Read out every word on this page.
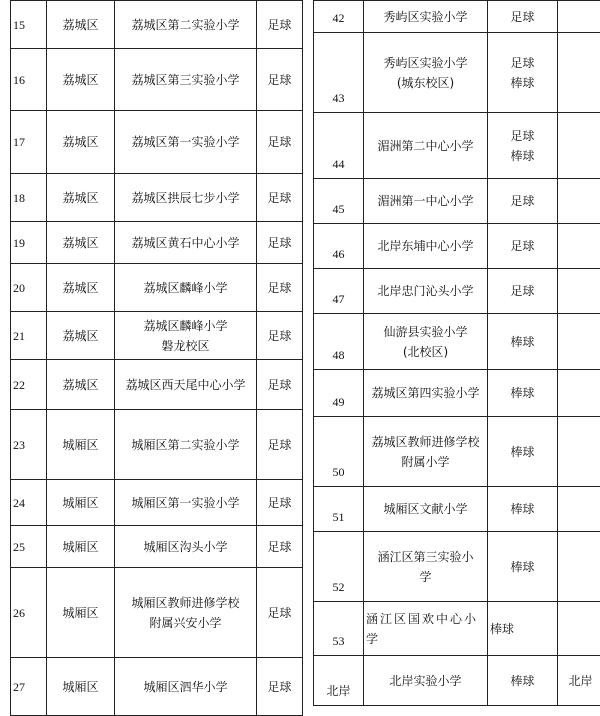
15	荔城区	荔城区第二实验小学	足球

16	荔城区	荔城区第三实验小学	足球

17	荔城区	荔城区第一实验小学	足球

18	荔城区	荔城区拱辰七步小学	足球

19	荔城区	荔城区黄石中心小学	足球

20	荔城区	荔城区麟峰小学	足球

21	荔城区	荔城区麟峰小学
磐龙校区	足球

22	荔城区	荔城区西天尾中心小学	足球

23	城厢区	城厢区第二实验小学	足球

24	城厢区	城厢区第一实验小学	足球

25	城厢区	城厢区沟头小学	足球

26	城厢区	城厢区教师进修学校
附属兴安小学	足球

27	城厢区	城厢区泗华小学	足球
42	秀屿区实验小学	足球	

43	秀屿区实验小学
(城东校区)	足球
棒球	

44	湄洲第二中心小学	足球
棒球	

45	湄洲第一中心小学	足球	

46	北岸东埔中心小学	足球	

47	北岸忠门沁头小学	足球	

48	仙游县实验小学
(北校区)	棒球	

49	荔城区第四实验小学	棒球	

50	荔城区教师进修学校
附属小学	棒球	

51	城厢区文献小学	棒球	

52	涵江区第三实验小
学	棒球	

53	涵江区国欢中心小
学	棒球	

北岸	北岸实验小学	棒球	北岸
